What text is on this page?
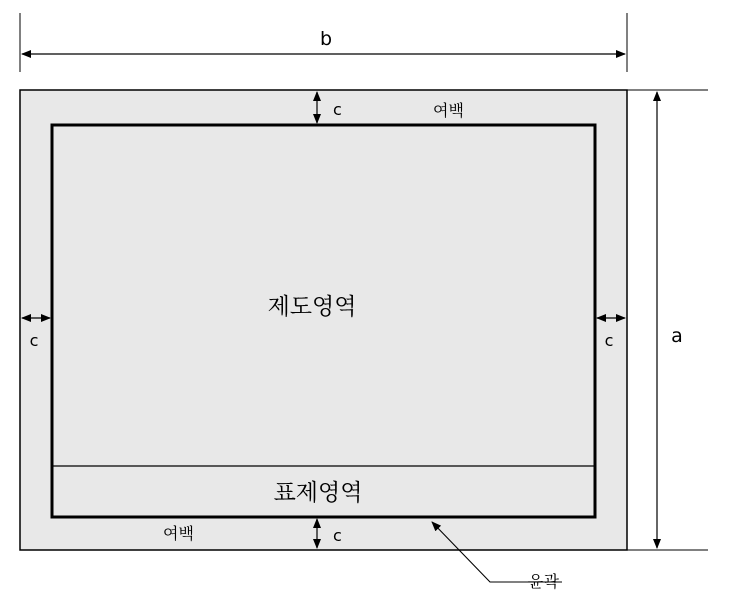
b
a
c	여백
c
여백
c	c
제도영역
표제영역
윤곽
